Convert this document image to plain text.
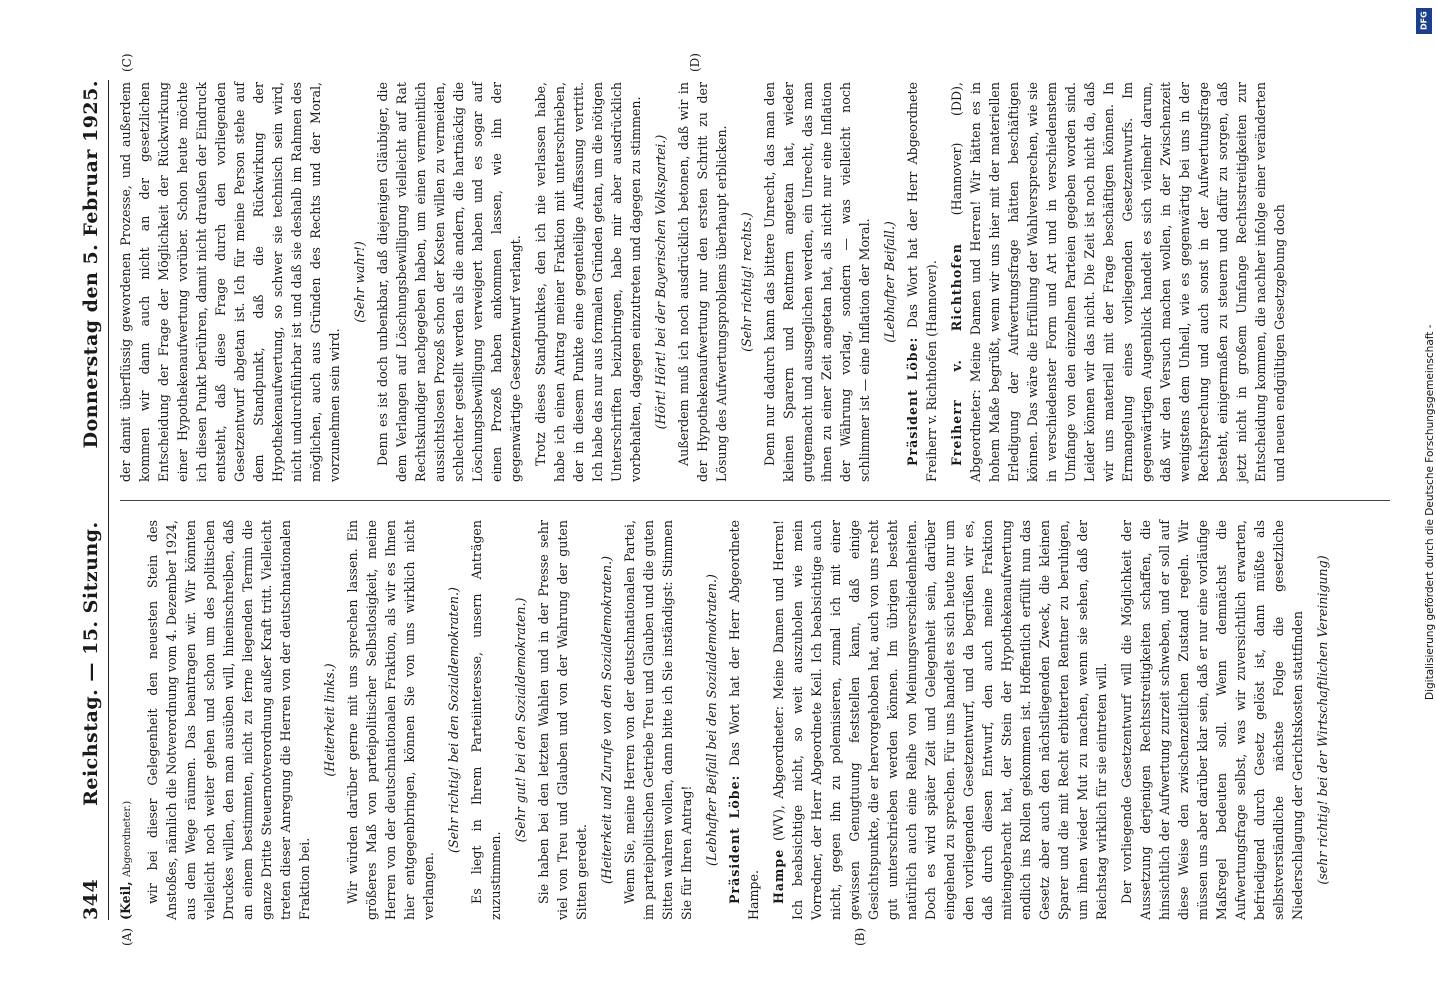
344
Reichstag. — 15. Sitzung.
Donnerstag den 5. Februar 1925.
(A)	(B)
(C)	(D)

(Keil, Abgeordneter.) wir bei dieser Gelegenheit den neuesten Stein des Anstoßes, nämlich die Notverordnung vom 4. Dezember 1924, aus dem Wege räumen. Das beantragen wir. Wir könnten vielleicht noch weiter gehen und schon um des politischen Druckes willen, den man ausüben will, hineinschreiben, daß an einem bestimmten, nicht zu ferne liegenden Termin die ganze Dritte Steuernotverordnung außer Kraft tritt. Vielleicht treten dieser Anregung die Herren von der deutschnationalen Fraktion bei.

(Heiterkeit links.) Wir würden darüber gerne mit uns sprechen lassen. Ein größeres Maß von parteipolitischer Selbstlosigkeit, meine Herren von der deutschnationalen Fraktion, als wir es Ihnen hier entgegenbringen, können Sie von uns wirklich nicht verlangen.

(Sehr richtig! bei den Sozialdemokraten.) Es liegt in Ihrem Parteiinteresse, unsern Anträgen zuzustimmen.

(Sehr gut! bei den Sozialdemokraten.) Sie haben bei den letzten Wahlen und in der Presse sehr viel von Treu und Glauben und von der Wahrung der guten Sitten geredet. (Heiterkeit und Zurufe von den Sozialdemokraten.) Wenn Sie, meine Herren von der deutschnationalen Partei, im parteipolitischen Getriebe Treu und Glauben und die guten Sitten wahren wollen, dann bitte ich Sie inständigst: Stimmen Sie für Ihren Antrag! (Lebhafter Beifall bei den Sozialdemokraten.) Präsident Löbe: Das Wort hat der Herr Abgeordnete Hampe. Hampe (WV), Abgeordneter: Meine Damen und Herren! Ich beabsichtige nicht, so weit auszuholen wie mein Vorredner, der Herr Abgeordnete Keil. Ich beabsichtige auch nicht, gegen ihn zu polemisieren, zumal ich mit einer gewissen Genugtuung feststellen kann, daß einige Gesichtspunkte, die er hervorgehoben hat, auch von uns recht gut unterschrieben werden können. Im übrigen besteht natürlich auch eine Reihe von Meinungsverschiedenheiten. Doch es wird später Zeit und Gelegenheit sein, darüber eingehend zu sprechen. Für uns handelt es sich heute nur um den vorliegenden Gesetzentwurf, und da begrüßen wir es, daß durch diesen Entwurf, den auch meine Fraktion miteingebracht hat, der Stein der Hypothekenaufwertung endlich ins Rollen gekommen ist. Hoffentlich erfüllt nun das Gesetz aber auch den nächstliegenden Zweck, die kleinen Sparer und die mit Recht erbitterten Rentner zu beruhigen, um ihnen wieder Mut zu machen, wenn sie sehen, daß der Reichstag wirklich für sie eintreten will. Der vorliegende Gesetzentwurf will die Möglichkeit der Aussetzung derjenigen Rechtsstreitigkeiten schaffen, die hinsichtlich der Aufwertung zurzeit schweben, und er soll auf diese Weise den zwischenzeitlichen Zustand regeln. Wir müssen uns aber darüber klar sein, daß er nur eine vorläufige Maßregel bedeuten soll. Wenn demnächst die Aufwertungsfrage selbst, was wir zuversichtlich erwarten, befriedigend durch Gesetz gelöst ist, dann müßte als selbstverständliche nächste Folge die gesetzliche Niederschlagung der Gerichtskosten stattfinden (sehr richtig! bei der Wirtschaftlichen Vereinigung)

der damit überflüssig gewordenen Prozesse, und außerdem kommen wir dann auch nicht an der gesetzlichen Entscheidung der Frage der Möglichkeit der Rückwirkung einer Hypothekenaufwertung vorüber. Schon heute möchte ich diesen Punkt berühren, damit nicht draußen der Eindruck entsteht, daß diese Frage durch den vorliegenden Gesetzentwurf abgetan ist. Ich für meine Person stehe auf dem Standpunkt, daß die Rückwirkung der Hypothekenaufwertung, so schwer sie technisch sein wird, nicht undurchführbar ist und daß sie deshalb im Rahmen des möglichen, auch aus Gründen des Rechts und der Moral, vorzunehmen sein wird.

(Sehr wahr!) Denn es ist doch unbenkbar, daß diejenigen Gläubiger, die dem Verlangen auf Löschungsbewilligung vielleicht auf Rat Rechtskundiger nachgegeben haben, um einen vermeintlich aussichtslosen Prozeß schon der Kosten willen zu vermeiden, schlechter gestellt werden als die andern, die hartnäckig die Löschungsbewilligung verweigert haben und es sogar auf einen Prozeß haben ankommen lassen, wie ihn der gegenwärtige Gesetzentwurf verlangt. Trotz dieses Standpunktes, den ich nie verlassen habe, habe ich einen Antrag meiner Fraktion mit unterschrieben, der in diesem Punkte eine gegenteilige Auffassung vertritt. Ich habe das nur aus formalen Gründen getan, um die nötigen Unterschriften beizubringen, habe mir aber ausdrücklich vorbehalten, dagegen einzutreten und dagegen zu stimmen. (Hört! Hört! bei der Bayerischen Volkspartei.) Außerdem muß ich noch ausdrücklich betonen, daß wir in der Hypothekenaufwertung nur den ersten Schritt zu der Lösung des Aufwertungsproblems überhaupt erblicken. (Sehr richtig! rechts.) Denn nur dadurch kann das bittere Unrecht, das man den kleinen Sparern und Rentnern angetan hat, wieder gutgemacht und ausgeglichen werden, ein Unrecht, das man ihnen zu einer Zeit angetan hat, als nicht nur eine Inflation der Währung vorlag, sondern — was vielleicht noch schlimmer ist — eine Inflation der Moral. (Lebhafter Beifall.)

Präsident Löbe: Das Wort hat der Herr Abgeordnete Freiherr v. Richthofen (Hannover). Freiherr v. Richthofen (Hannover) (DD), Abgeordneter: Meine Damen und Herren! Wir hätten es in hohem Maße begrüßt, wenn wir uns hier mit der materiellen Erledigung der Aufwertungsfrage hätten beschäftigen können. Das wäre die Erfüllung der Wahlversprechen, wie sie in verschiedenster Form und Art und in verschiedenstem Umfange von den einzelnen Parteien gegeben worden sind. Leider können wir das nicht. Die Zeit ist noch nicht da, daß wir uns materiell mit der Frage beschäftigen können. In Ermangelung eines vorliegenden Gesetzentwurfs. Im gegenwärtigen Augenblick handelt es sich vielmehr darum, daß wir den Versuch machen wollen, in der Zwischenzeit wenigstens dem Unheil, wie es gegenwärtig bei uns in der Rechtsprechung und auch sonst in der Aufwertungsfrage besteht, einigermaßen zu steuern und dafür zu sorgen, daß jetzt nicht in großem Umfange Rechtsstreitigkeiten zur Entscheidung kommen, die nachher infolge einer veränderten und neuen endgültigen Gesetzgebung doch

DFG
Digitalisierung gefördert durch die Deutsche Forschungsgemeinschaft -
